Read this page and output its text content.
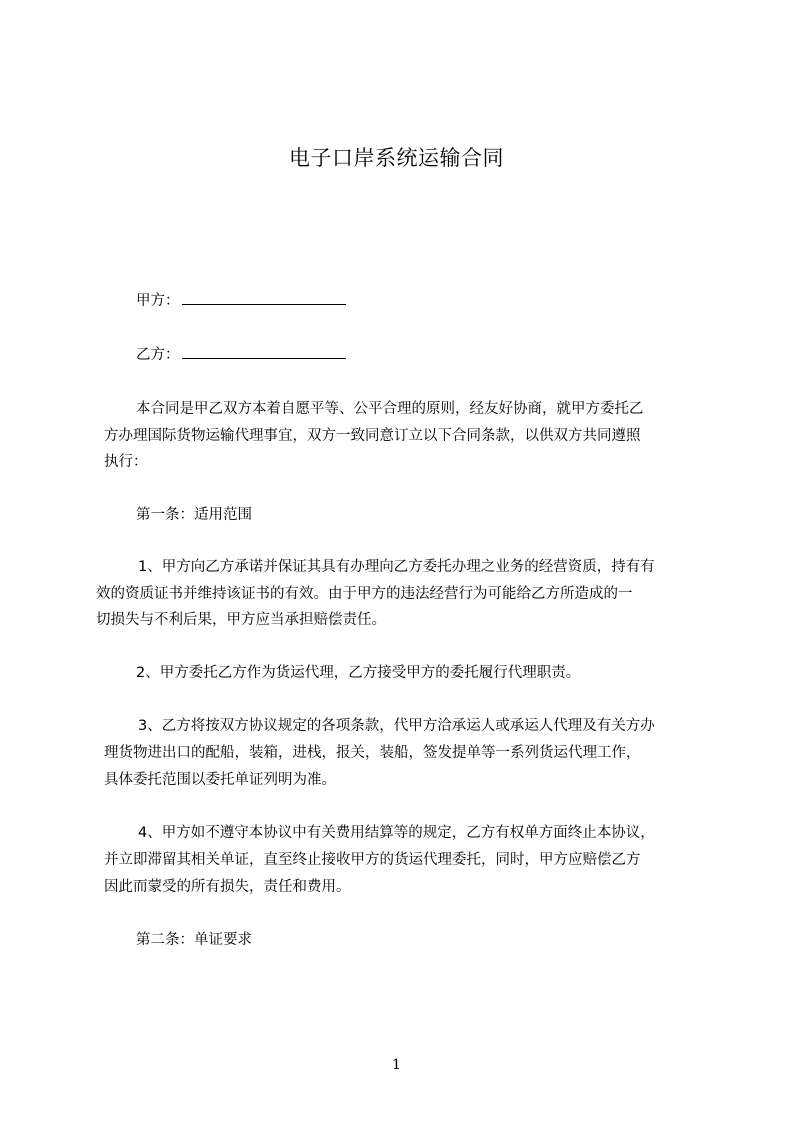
电子口岸系统运输合同
甲方：
乙方：
本合同是甲乙双方本着自愿平等、公平合理的原则，经友好协商，就甲方委托乙
方办理国际货物运输代理事宜，双方一致同意订立以下合同条款，以供双方共同遵照
执行：
第一条：适用范围
1、甲方向乙方承诺并保证其具有办理向乙方委托办理之业务的经营资质，持有有
效的资质证书并维持该证书的有效。由于甲方的违法经营行为可能给乙方所造成的一
切损失与不利后果，甲方应当承担赔偿责任。
2、甲方委托乙方作为货运代理，乙方接受甲方的委托履行代理职责。
3、乙方将按双方协议规定的各项条款，代甲方洽承运人或承运人代理及有关方办
理货物进出口的配船，装箱，进栈，报关，装船，签发提单等一系列货运代理工作，
具体委托范围以委托单证列明为准。
4、甲方如不遵守本协议中有关费用结算等的规定，乙方有权单方面终止本协议，
并立即滞留其相关单证，直至终止接收甲方的货运代理委托，同时，甲方应赔偿乙方
因此而蒙受的所有损失，责任和费用。
第二条：单证要求
1
